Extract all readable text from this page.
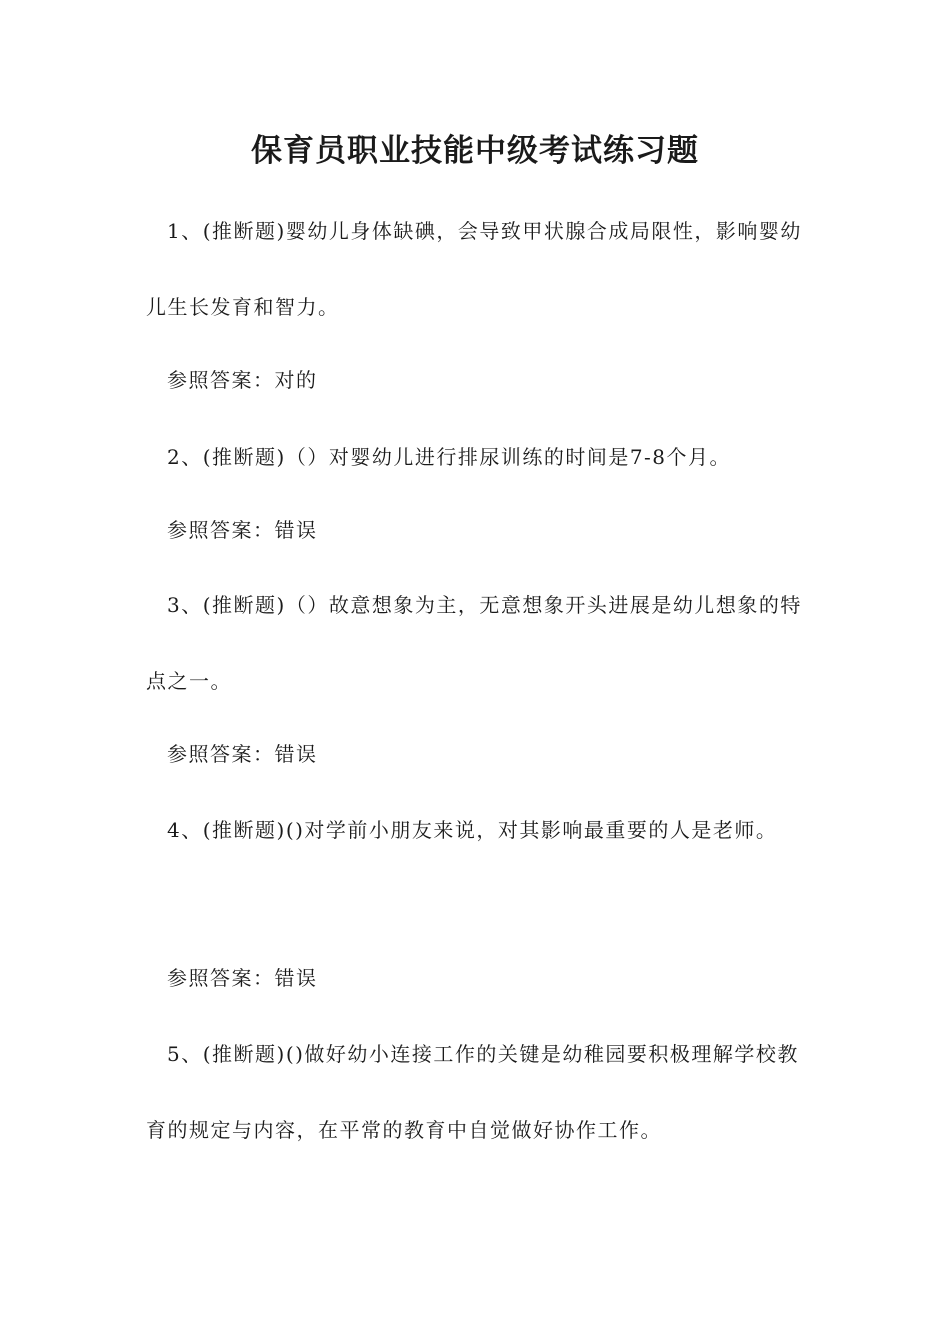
保育员职业技能中级考试练习题

1、(推断题)婴幼儿身体缺碘，会导致甲状腺合成局限性，影响婴幼儿生长发育和智力。

参照答案：对的

2、(推断题)（）对婴幼儿进行排尿训练的时间是7-8个月。

参照答案：错误

3、(推断题)（）故意想象为主，无意想象开头进展是幼儿想象的特点之一。

参照答案：错误

4、(推断题)()对学前小朋友来说，对其影响最重要的人是老师。

参照答案：错误

5、(推断题)()做好幼小连接工作的关键是幼稚园要积极理解学校教育的规定与内容，在平常的教育中自觉做好协作工作。
